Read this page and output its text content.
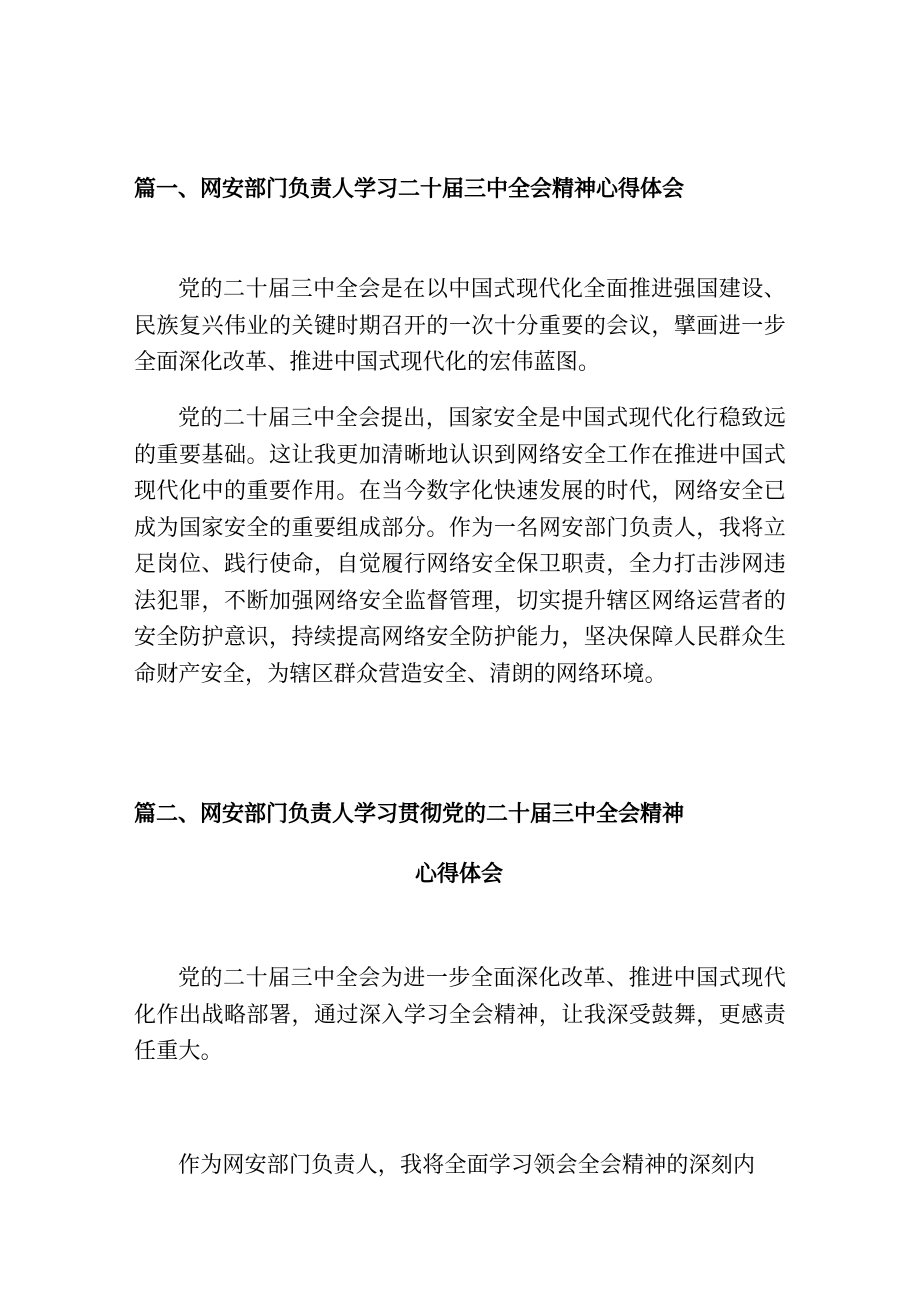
篇一、网安部门负责人学习二十届三中全会精神心得体会

党的二十届三中全会是在以中国式现代化全面推进强国建设、民族复兴伟业的关键时期召开的一次十分重要的会议，擘画进一步全面深化改革、推进中国式现代化的宏伟蓝图。

党的二十届三中全会提出，国家安全是中国式现代化行稳致远的重要基础。这让我更加清晰地认识到网络安全工作在推进中国式现代化中的重要作用。在当今数字化快速发展的时代，网络安全已成为国家安全的重要组成部分。作为一名网安部门负责人，我将立足岗位、践行使命，自觉履行网络安全保卫职责，全力打击涉网违法犯罪，不断加强网络安全监督管理，切实提升辖区网络运营者的安全防护意识，持续提高网络安全防护能力，坚决保障人民群众生命财产安全，为辖区群众营造安全、清朗的网络环境。

篇二、网安部门负责人学习贯彻党的二十届三中全会精神
心得体会

党的二十届三中全会为进一步全面深化改革、推进中国式现代化作出战略部署，通过深入学习全会精神，让我深受鼓舞，更感责任重大。

作为网安部门负责人，我将全面学习领会全会精神的深刻内
